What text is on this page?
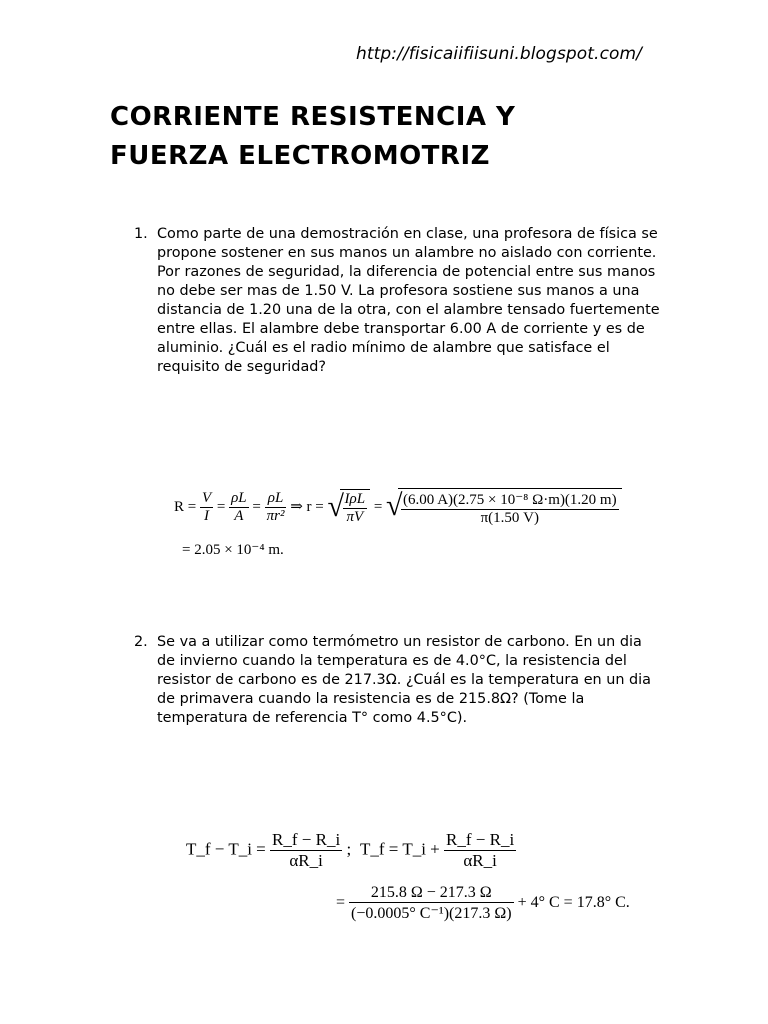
http://fisicaiifiisuni.blogspot.com/
CORRIENTE RESISTENCIA Y
FUERZA ELECTROMOTRIZ
1. Como parte de una demostración en clase, una profesora de física se propone sostener en sus manos un alambre no aislado con corriente. Por razones de seguridad, la diferencia de potencial entre sus manos no debe ser mas de 1.50 V. La profesora sostiene sus manos a una distancia de 1.20 una de la otra, con el alambre tensado fuertemente entre ellas. El alambre debe transportar 6.00 A de corriente y es de aluminio. ¿Cuál es el radio mínimo de alambre que satisface el requisito de seguridad?
$R = \frac{V}{I} = \frac{\rho L}{A} = \frac{\rho L}{\text{πr²}}$ ⇒ r = √
$\frac{\text{IρL}}{\pi V}$ = √
$\frac{\text{(6.00 A)(2.75 × 10⁻⁸ Ω·m)(1.20 m)}}{\pi(1.50 V)}$
= 2.05 × 10⁻⁴ m.
2. Se va a utilizar como termómetro un resistor de carbono. En un dia de invierno cuando la temperatura es de 4.0°C, la resistencia del resistor de carbono es de 217.3Ω. ¿Cuál es la temperatura en un dia de primavera cuando la resistencia es de 215.8Ω? (Tome la temperatura de referencia T° como 4.5°C).
T_f − T_i = $\frac{R\_f - R\_i}{\alpha R\_i}$ ; T_f = T_i + $\frac{R\_f - R\_i}{\alpha R\_i}$
= $\frac{215.8 \Omega - 217.3 \Omega}{\text{(−0.0005° C⁻¹)(217.3 Ω)}} + 4^\circ$ C = 17.8° C.
